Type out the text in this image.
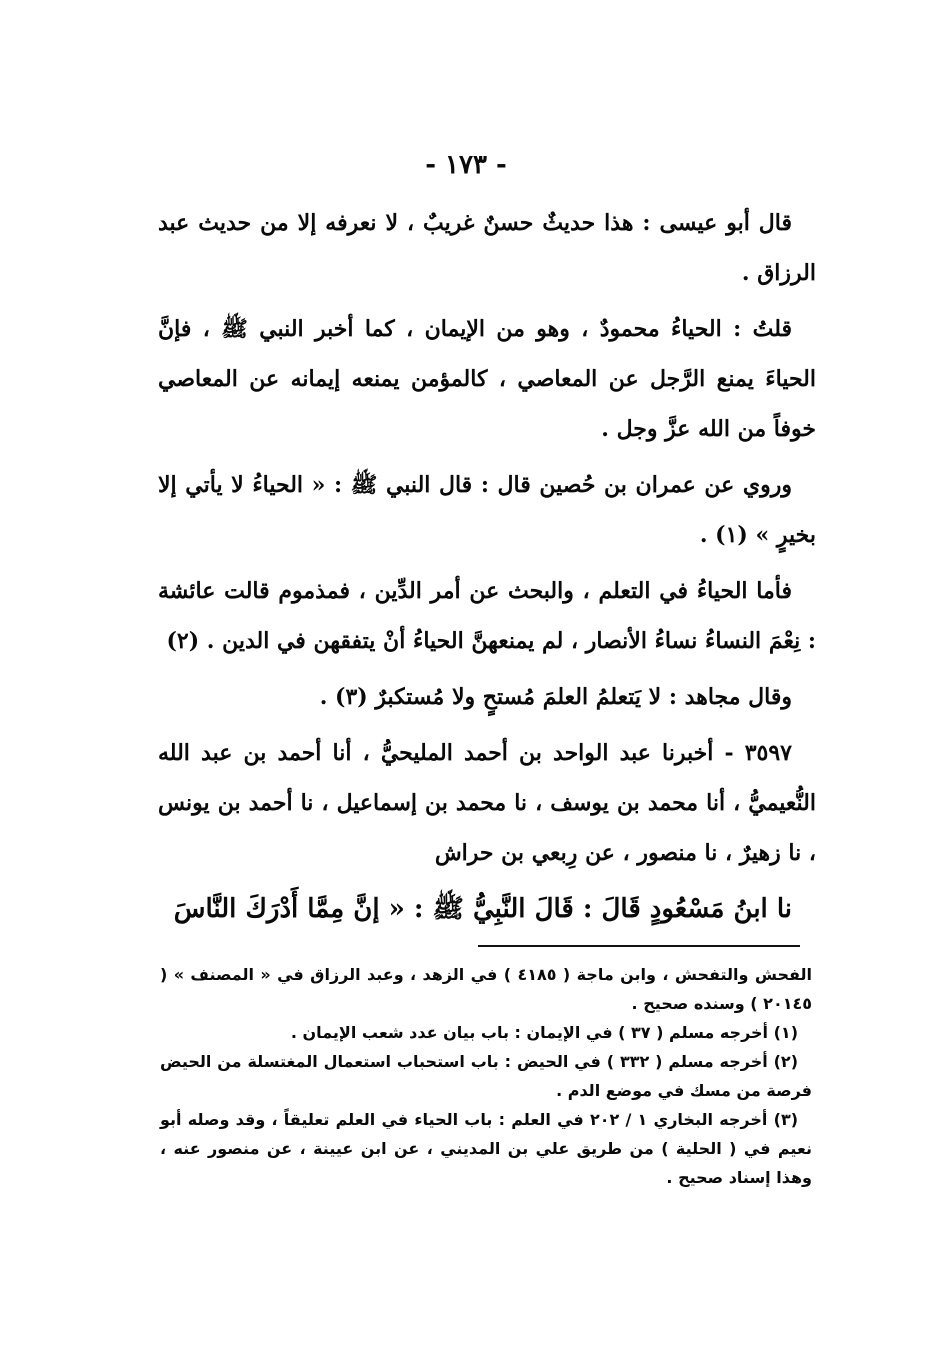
- ١٧٣ -

قال أبو عيسى : هذا حديثٌ حسنٌ غريبٌ ، لا نعرفه إلا من حديث عبد الرزاق .

قلتُ : الحياءُ محمودٌ ، وهو من الإيمان ، كما أخبر النبي ﷺ ، فإنَّ الحياءَ يمنع الرَّجل عن المعاصي ، كالمؤمن يمنعه إيمانه عن المعاصي خوفاً من الله عزَّ وجل .

وروي عن عمران بن حُصين قال : قال النبي ﷺ : « الحياءُ لا يأتي إلا بخيرٍ » (١) .

فأما الحياءُ في التعلم ، والبحث عن أمر الدِّين ، فمذموم قالت عائشة : نِعْمَ النساءُ نساءُ الأنصار ، لم يمنعهنَّ الحياءُ أنْ يتفقهن في الدين . (٢)

وقال مجاهد : لا يَتعلمُ العلمَ مُستحٍ ولا مُستكبرٌ (٣) .

٣٥٩٧ - أخبرنا عبد الواحد بن أحمد المليحيُّ ، أنا أحمد بن عبد الله النُّعيميُّ ، أنا محمد بن يوسف ، نا محمد بن إسماعيل ، نا أحمد بن يونس ، نا زهيرٌ ، نا منصور ، عن رِبعي بن حراش

نا ابنُ مَسْعُودٍ قَالَ : قَالَ النَّبِيُّ ﷺ : « إنَّ مِمَّا أَدْرَكَ النَّاسَ

الفحش والتفحش ، وابن ماجة ( ٤١٨٥ ) في الزهد ، وعبد الرزاق في « المصنف » ( ٢٠١٤٥ ) وسنده صحيح .

(١) أخرجه مسلم ( ٣٧ ) في الإيمان : باب بيان عدد شعب الإيمان .

(٢) أخرجه مسلم ( ٣٣٢ ) في الحيض : باب استحباب استعمال المغتسلة من الحيض فرصة من مسك في موضع الدم .

(٣) أخرجه البخاري ١ / ٢٠٢ في العلم : باب الحياء في العلم تعليقاً ، وقد وصله أبو نعيم في ( الحلية ) من طريق علي بن المديني ، عن ابن عيينة ، عن منصور عنه ، وهذا إسناد صحيح .
